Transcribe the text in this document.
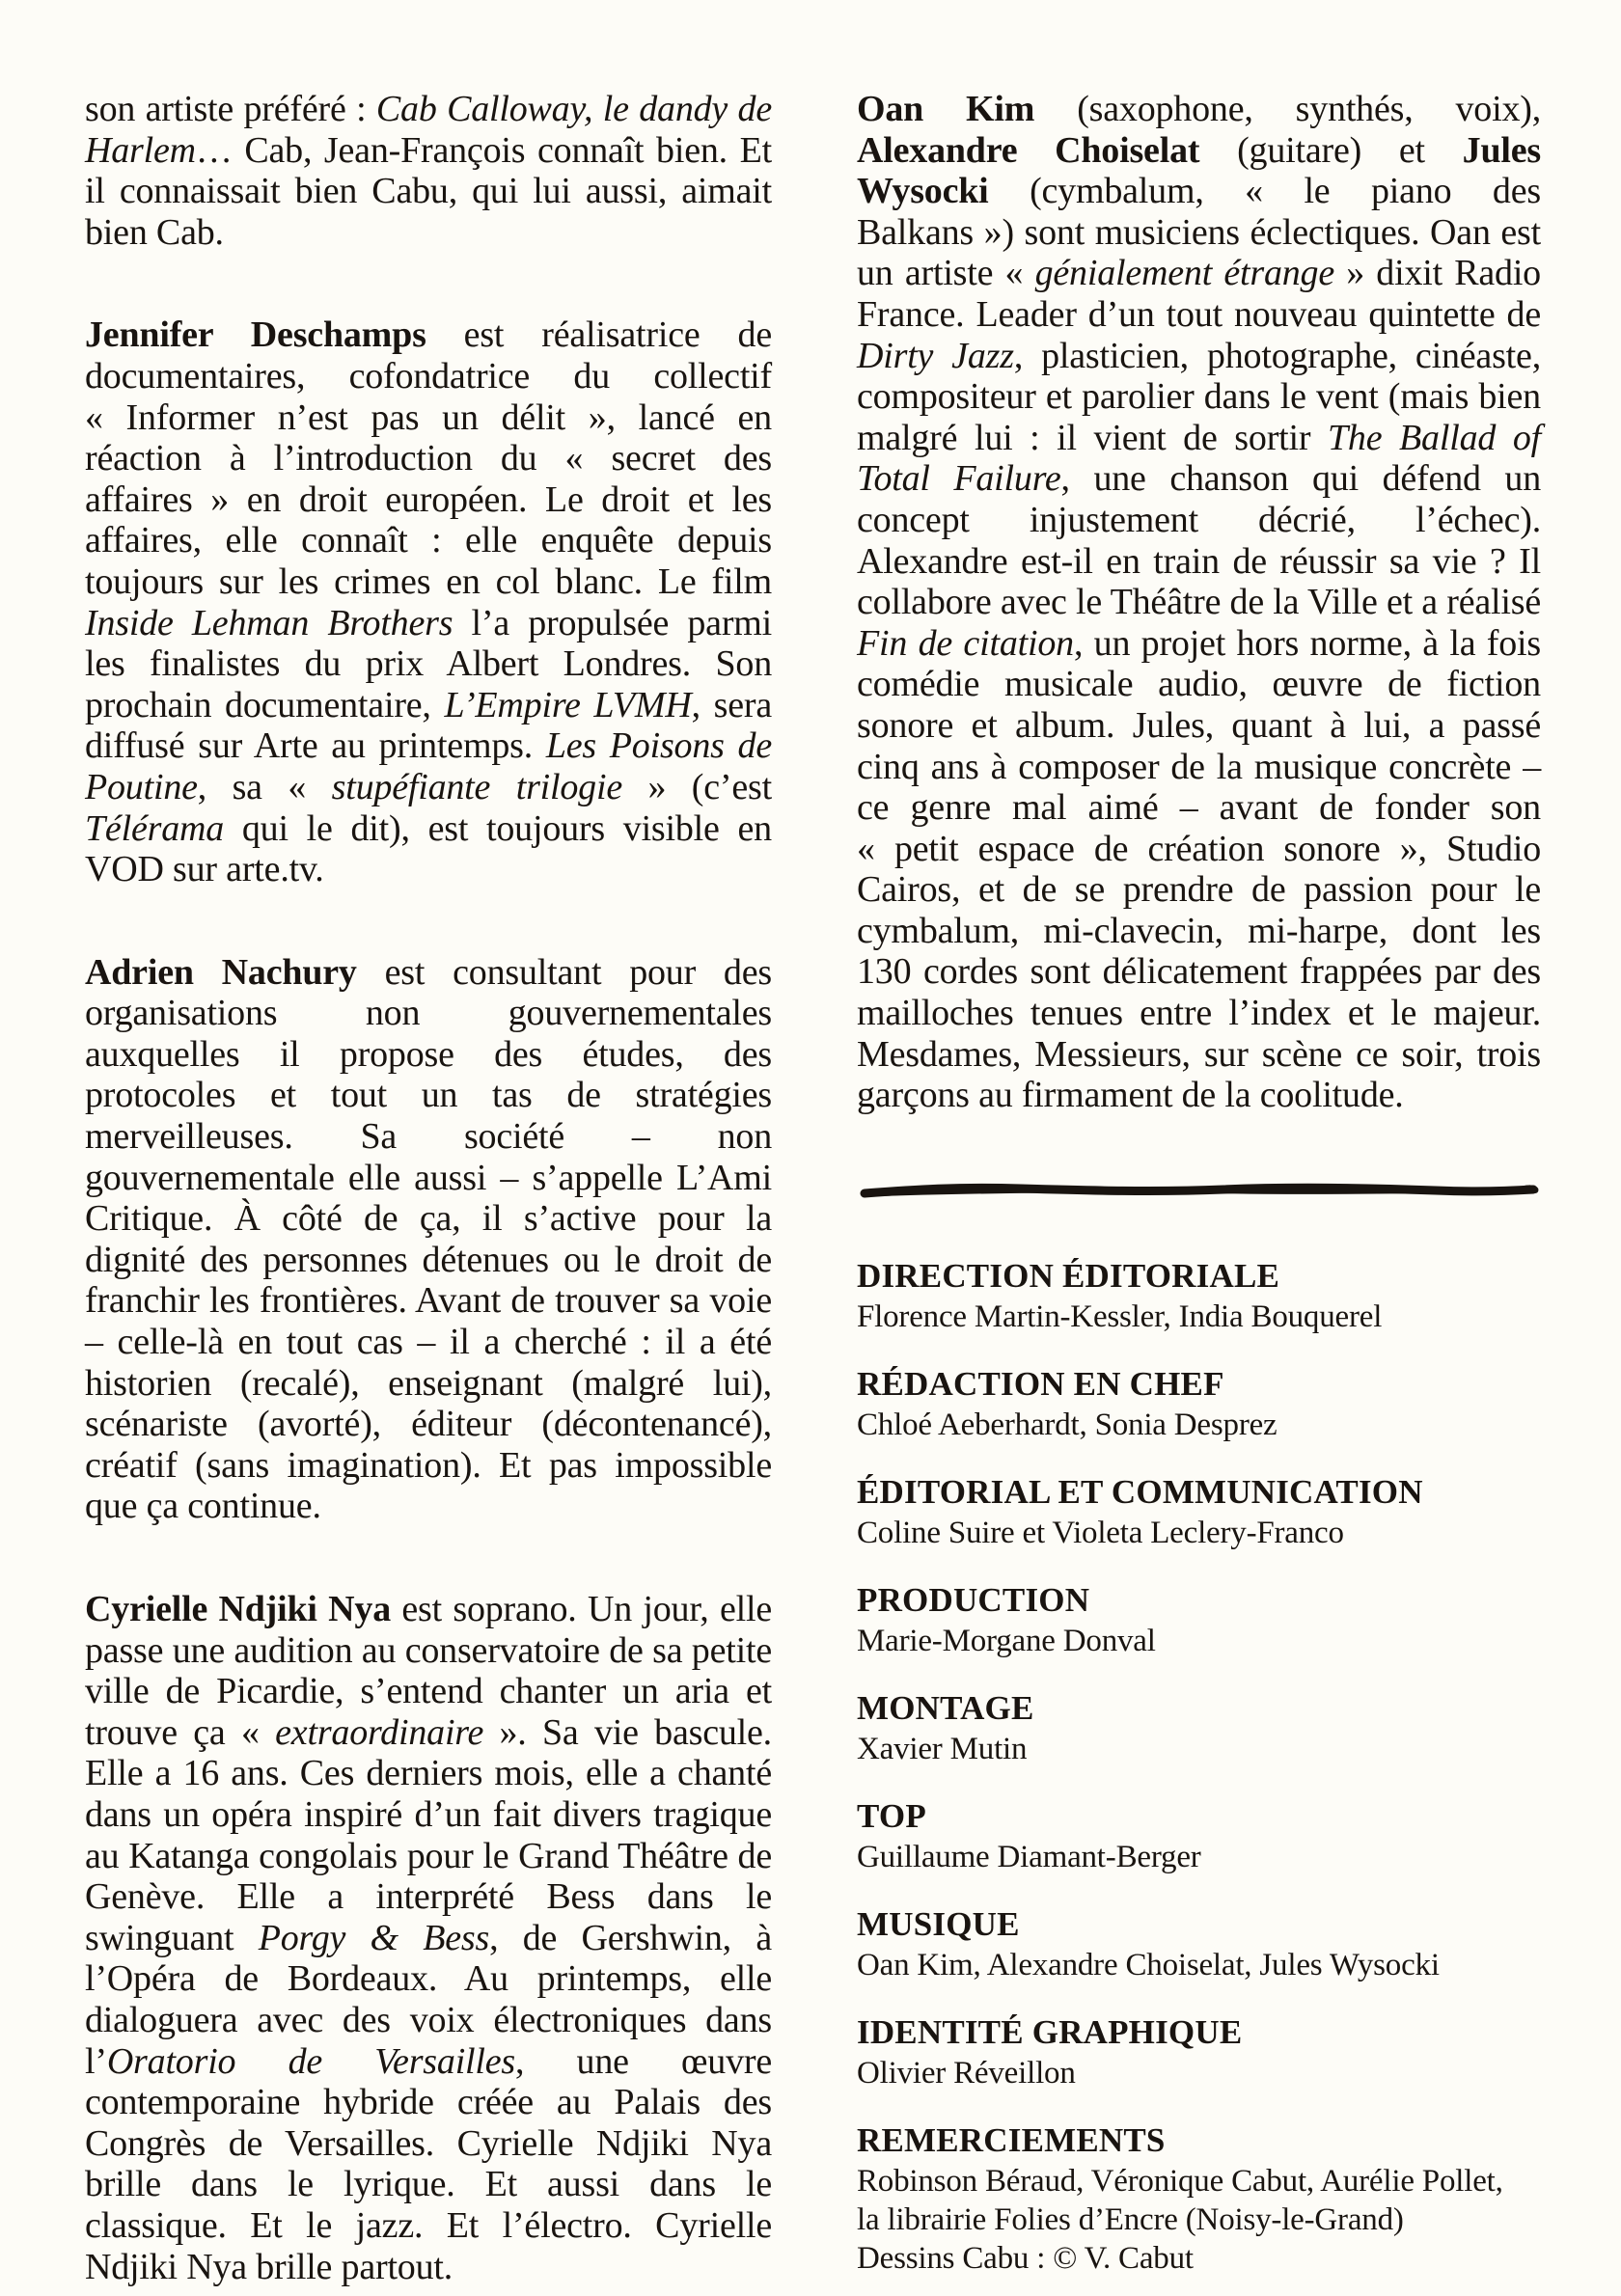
son artiste préféré : Cab Calloway, le dandy de Harlem… Cab, Jean-François connaît bien. Et il connaissait bien Cabu, qui lui aussi, aimait bien Cab.
Jennifer Deschamps est réalisatrice de documentaires, cofondatrice du collectif « Informer n’est pas un délit », lancé en réaction à l’introduction du « secret des affaires » en droit européen. Le droit et les affaires, elle connaît : elle enquête depuis toujours sur les crimes en col blanc. Le film Inside Lehman Brothers l’a propulsée parmi les finalistes du prix Albert Londres. Son prochain documentaire, L’Empire LVMH, sera diffusé sur Arte au printemps. Les Poisons de Poutine, sa « stupéfiante trilogie » (c’est Télérama qui le dit), est toujours visible en VOD sur arte.tv.
Adrien Nachury est consultant pour des organisations non gouvernementales auxquelles il propose des études, des protocoles et tout un tas de stratégies merveilleuses. Sa société – non gouvernementale elle aussi – s’appelle L’Ami Critique. À côté de ça, il s’active pour la dignité des personnes détenues ou le droit de franchir les frontières. Avant de trouver sa voie – celle-là en tout cas – il a cherché : il a été historien (recalé), enseignant (malgré lui), scénariste (avorté), éditeur (décontenancé), créatif (sans imagination). Et pas impossible que ça continue.
Cyrielle Ndjiki Nya est soprano. Un jour, elle passe une audition au conservatoire de sa petite ville de Picardie, s’entend chanter un aria et trouve ça « extraordinaire ». Sa vie bascule. Elle a 16 ans. Ces derniers mois, elle a chanté dans un opéra inspiré d’un fait divers tragique au Katanga congolais pour le Grand Théâtre de Genève. Elle a interprété Bess dans le swinguant Porgy & Bess, de Gershwin, à l’Opéra de Bordeaux. Au printemps, elle dialoguera avec des voix électroniques dans l’Oratorio de Versailles, une œuvre contemporaine hybride créée au Palais des Congrès de Versailles. Cyrielle Ndjiki Nya brille dans le lyrique. Et aussi dans le classique. Et le jazz. Et l’électro. Cyrielle Ndjiki Nya brille partout.
Oan Kim (saxophone, synthés, voix), Alexandre Choiselat (guitare) et Jules Wysocki (cymbalum, « le piano des Balkans ») sont musiciens éclectiques. Oan est un artiste « génialement étrange » dixit Radio France. Leader d’un tout nouveau quintette de Dirty Jazz, plasticien, photographe, cinéaste, compositeur et parolier dans le vent (mais bien malgré lui : il vient de sortir The Ballad of Total Failure, une chanson qui défend un concept injustement décrié, l’échec). Alexandre est-il en train de réussir sa vie ? Il collabore avec le Théâtre de la Ville et a réalisé Fin de citation, un projet hors norme, à la fois comédie musicale audio, œuvre de fiction sonore et album. Jules, quant à lui, a passé cinq ans à composer de la musique concrète – ce genre mal aimé – avant de fonder son « petit espace de création sonore », Studio Cairos, et de se prendre de passion pour le cymbalum, mi-clavecin, mi-harpe, dont les 130 cordes sont délicatement frappées par des mailloches tenues entre l’index et le majeur. Mesdames, Messieurs, sur scène ce soir, trois garçons au firmament de la coolitude.
DIRECTION ÉDITORIALE
Florence Martin-Kessler, India Bouquerel
RÉDACTION EN CHEF
Chloé Aeberhardt, Sonia Desprez
ÉDITORIAL ET COMMUNICATION
Coline Suire et Violeta Leclery-Franco
PRODUCTION
Marie-Morgane Donval
MONTAGE
Xavier Mutin
TOP
Guillaume Diamant-Berger
MUSIQUE
Oan Kim, Alexandre Choiselat, Jules Wysocki
IDENTITÉ GRAPHIQUE
Olivier Réveillon
REMERCIEMENTS
Robinson Béraud, Véronique Cabut, Aurélie Pollet,
la librairie Folies d’Encre (Noisy-le-Grand)
Dessins Cabu : © V. Cabut
